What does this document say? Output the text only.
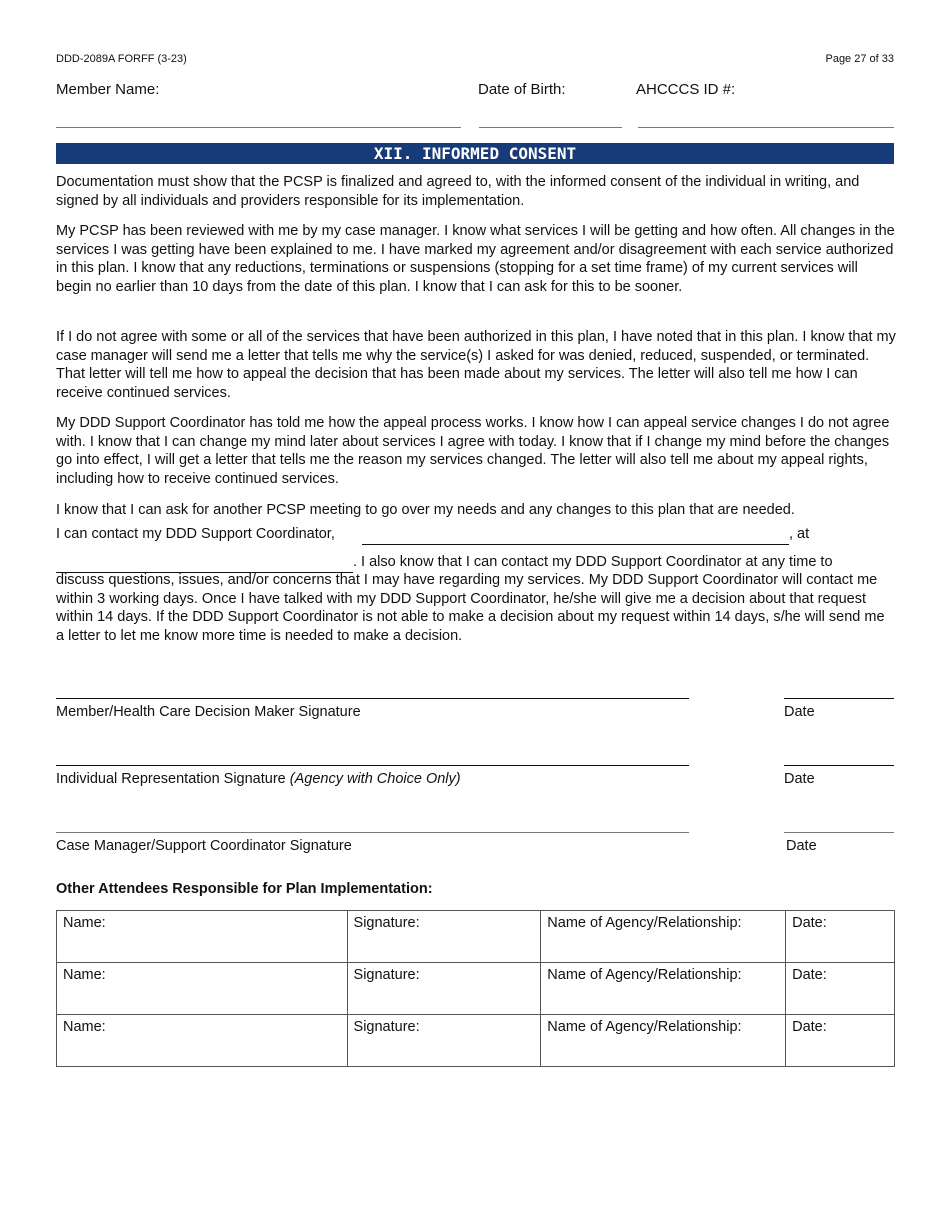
DDD-2089A FORFF (3-23)	Page 27 of 33
Member Name:	Date of Birth:	AHCCCS ID #:
XII. INFORMED CONSENT

Documentation must show that the PCSP is finalized and agreed to, with the informed consent of the individual in writing, and signed by all individuals and providers responsible for its implementation.

My PCSP has been reviewed with me by my case manager. I know what services I will be getting and how often. All changes in the services I was getting have been explained to me. I have marked my agreement and/or disagreement with each service authorized in this plan. I know that any reductions, terminations or suspensions (stopping for a set time frame) of my current services will begin no earlier than 10 days from the date of this plan. I know that I can ask for this to be sooner.

If I do not agree with some or all of the services that have been authorized in this plan, I have noted that in this plan. I know that my case manager will send me a letter that tells me why the service(s) I asked for was denied, reduced, suspended, or terminated. That letter will tell me how to appeal the decision that has been made about my services. The letter will also tell me how I can receive continued services.

My DDD Support Coordinator has told me how the appeal process works. I know how I can appeal service changes I do not agree with. I know that I can change my mind later about services I agree with today. I know that if I change my mind before the changes go into effect, I will get a letter that tells me the reason my services changed. The letter will also tell me about my appeal rights, including how to receive continued services.

I know that I can ask for another PCSP meeting to go over my needs and any changes to this plan that are needed.

I can contact my DDD Support Coordinator,	, at
. I also know that I can contact my DDD Support Coordinator at any time to

discuss questions, issues, and/or concerns that I may have regarding my services. My DDD Support Coordinator will contact me within 3 working days. Once I have talked with my DDD Support Coordinator, he/she will give me a decision about that request within 14 days. If the DDD Support Coordinator is not able to make a decision about my request within 14 days, s/he will send me a letter to let me know more time is needed to make a decision.

Member/Health Care Decision Maker Signature	Date
Individual Representation Signature (Agency with Choice Only)	Date
Case Manager/Support Coordinator Signature	Date
Other Attendees Responsible for Plan Implementation:
Name:	Signature:	Name of Agency/Relationship:	Date:
Name:	Signature:	Name of Agency/Relationship:	Date:
Name:	Signature:	Name of Agency/Relationship:	Date:
